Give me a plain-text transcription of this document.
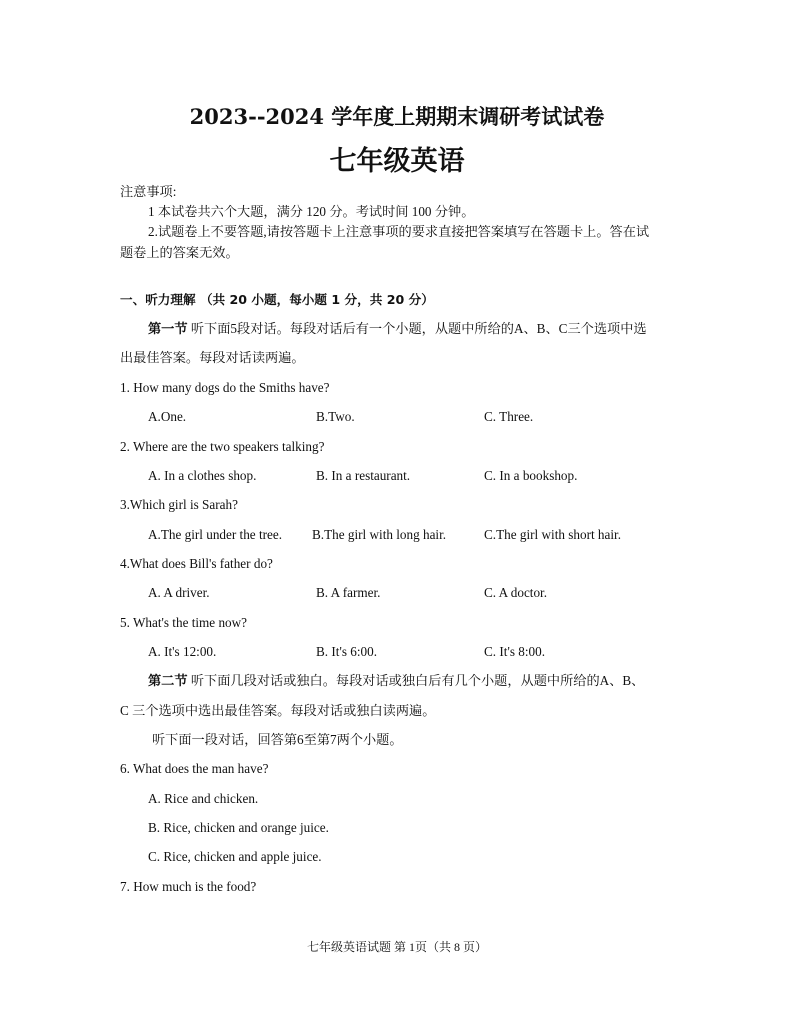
2023--2024 学年度上期期末调研考试试卷
七年级英语
注意事项:
1 本试卷共六个大题，满分 120 分。考试时间 100 分钟。
2.试题卷上不要答题,请按答题卡上注意事项的要求直接把答案填写在答题卡上。答在试
题卷上的答案无效。
一、听力理解 （共 20 小题，每小题 1 分，共 20 分）
第一节 听下面5段对话。每段对话后有一个小题，从题中所给的A、B、C三个选项中选
出最佳答案。每段对话读两遍。
1. How many dogs do the Smiths have?
A.One.	B.Two.	C. Three.
2. Where are the two speakers talking?
A. In a clothes shop.	B. In a restaurant.	C. In a bookshop.
3.Which girl is Sarah?
A.The girl under the tree. B.The girl with long hair.	C.The girl with short hair.
4.What does Bill's father do?
A. A driver.	B. A farmer.	C. A doctor.
5. What's the time now?
A. It's 12:00.	B. It's 6:00.	C. It's 8:00.
第二节 听下面几段对话或独白。每段对话或独白后有几个小题，从题中所给的A、B、
C 三个选项中选出最佳答案。每段对话或独白读两遍。
听下面一段对话，回答第6至第7两个小题。
6. What does the man have?
A. Rice and chicken.
B. Rice, chicken and orange juice.
C. Rice, chicken and apple juice.
7. How much is the food?
七年级英语试题 第 1页（共 8 页）
